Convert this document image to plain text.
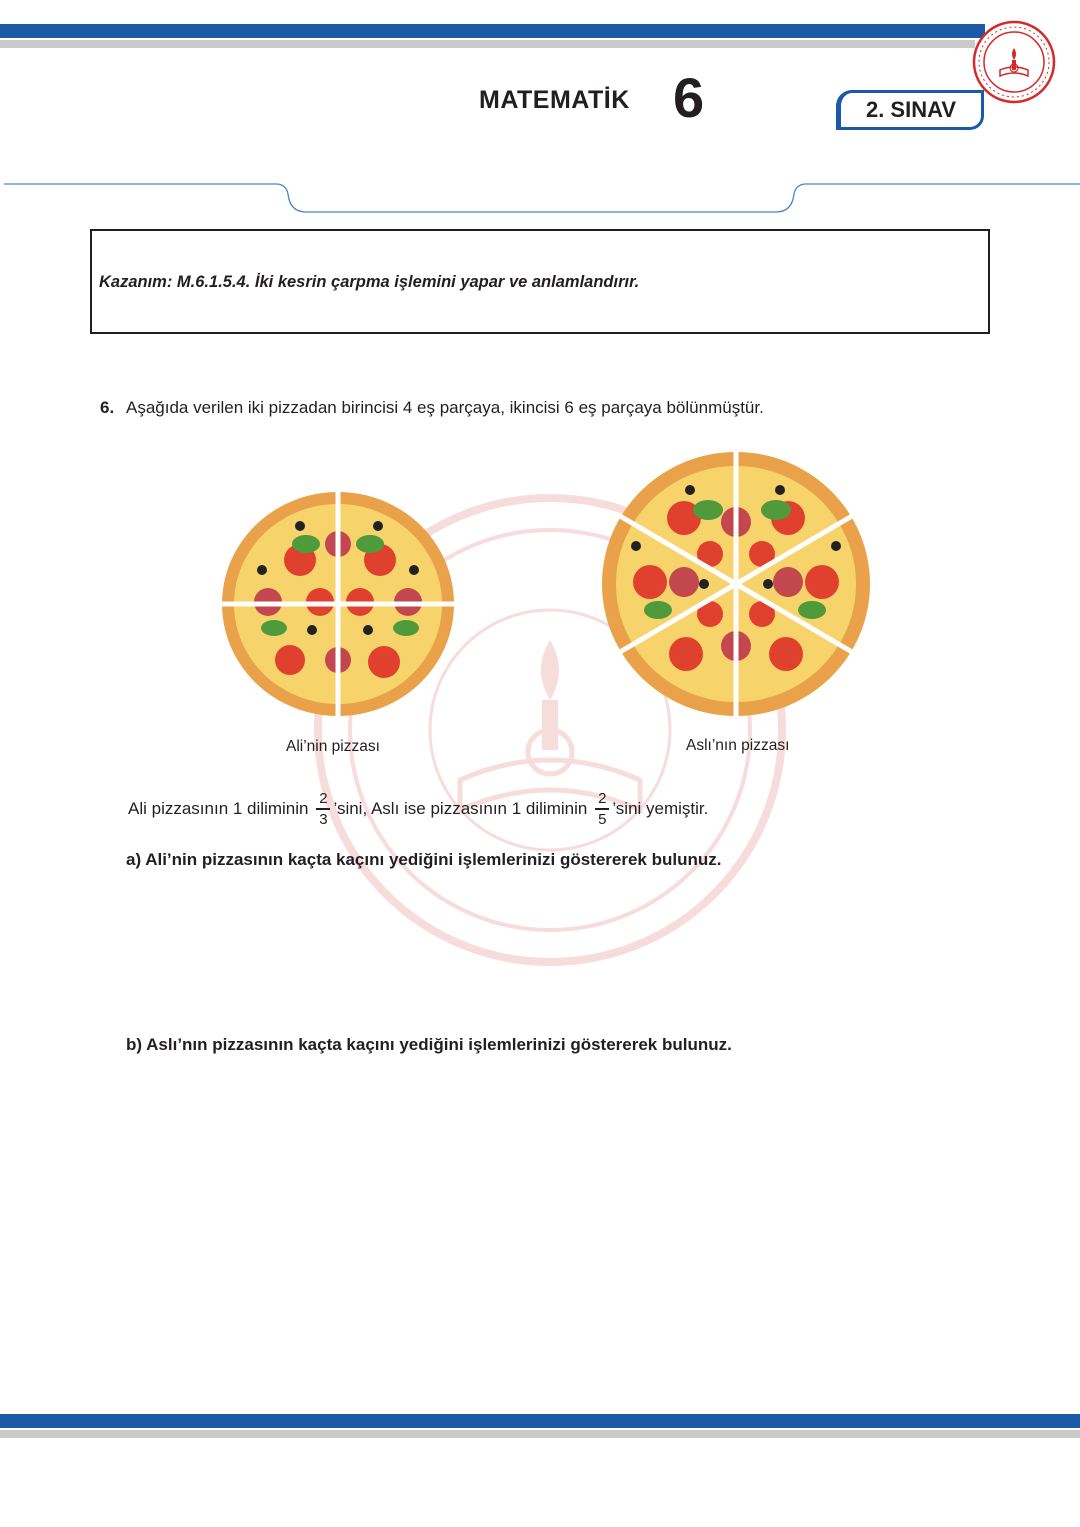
MATEMATİK 6	2. SINAV
Kazanım: M.6.1.5.4. İki kesrin çarpma işlemini yapar ve anlamlandırır.
6. Aşağıda verilen iki pizzadan birincisi 4 eş parçaya, ikincisi 6 eş parçaya bölünmüştür.
Ali’nin pizzası	Aslı’nın pizzası
Ali pizzasının 1 diliminin $\frac{2}{3}$ ’sini, Aslı ise pizzasının 1 diliminin $\frac{2}{5}$ ’sini yemiştir.
a) Ali’nin pizzasının kaçta kaçını yediğini işlemlerinizi göstererek bulunuz.
b) Aslı’nın pizzasının kaçta kaçını yediğini işlemlerinizi göstererek bulunuz.
